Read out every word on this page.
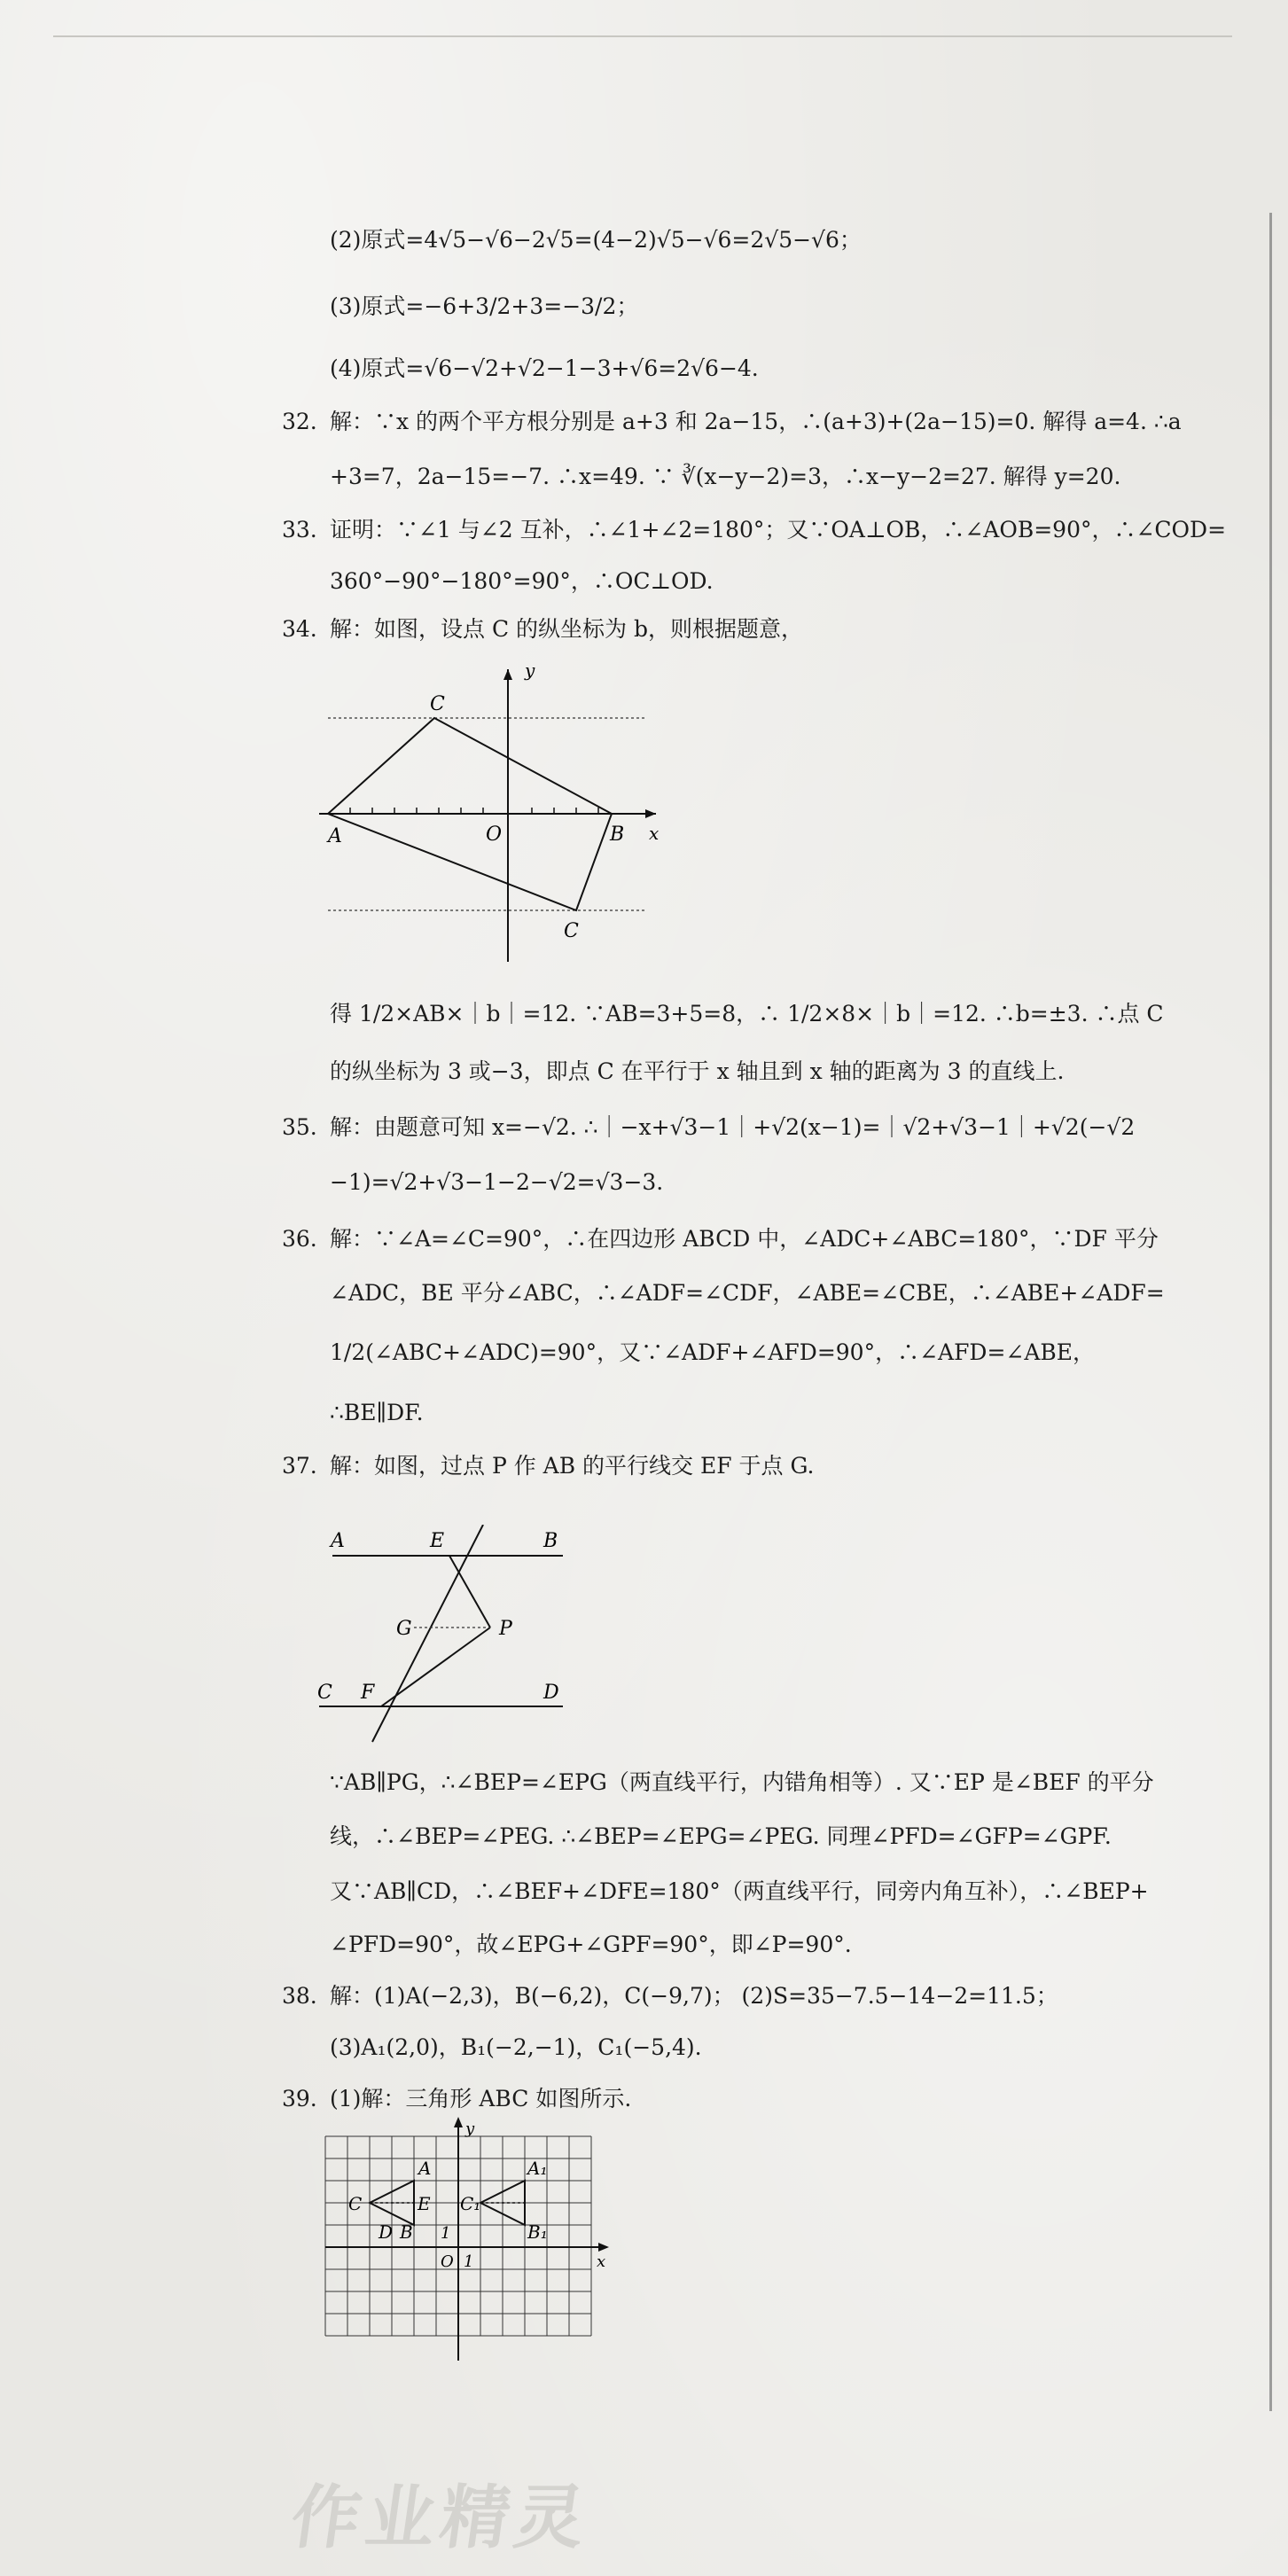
(2)原式=4√5−√6−2√5=(4−2)√5−√6=2√5−√6；
(3)原式=−6+3/2+3=−3/2；
(4)原式=√6−√2+√2−1−3+√6=2√6−4.
32. 解：∵x 的两个平方根分别是 a+3 和 2a−15，∴(a+3)+(2a−15)=0. 解得 a=4. ∴a
+3=7，2a−15=−7. ∴x=49. ∵ ∛(x−y−2)=3，∴x−y−2=27. 解得 y=20.
33. 证明：∵∠1 与∠2 互补，∴∠1+∠2=180°；又∵OA⊥OB，∴∠AOB=90°，∴∠COD=
360°−90°−180°=90°，∴OC⊥OD.
34. 解：如图，设点 C 的纵坐标为 b，则根据题意，
C
A	O	B
C
y
x
得 1/2×AB×｜b｜=12. ∵AB=3+5=8，∴ 1/2×8×｜b｜=12. ∴b=±3. ∴点 C
的纵坐标为 3 或−3，即点 C 在平行于 x 轴且到 x 轴的距离为 3 的直线上.
35. 解：由题意可知 x=−√2. ∴｜−x+√3−1｜+√2(x−1)=｜√2+√3−1｜+√2(−√2
−1)=√2+√3−1−2−√2=√3−3.
36. 解：∵∠A=∠C=90°，∴在四边形 ABCD 中，∠ADC+∠ABC=180°，∵DF 平分
∠ADC，BE 平分∠ABC，∴∠ADF=∠CDF，∠ABE=∠CBE，∴∠ABE+∠ADF=
1/2(∠ABC+∠ADC)=90°，又∵∠ADF+∠AFD=90°，∴∠AFD=∠ABE，
∴BE∥DF.
37. 解：如图，过点 P 作 AB 的平行线交 EF 于点 G.
A	E	B
G	P
C F	D
∵AB∥PG，∴∠BEP=∠EPG（两直线平行，内错角相等）. 又∵EP 是∠BEF 的平分
线，∴∠BEP=∠PEG. ∴∠BEP=∠EPG=∠PEG. 同理∠PFD=∠GFP=∠GPF.
又∵AB∥CD，∴∠BEF+∠DFE=180°（两直线平行，同旁内角互补），∴∠BEP+
∠PFD=90°，故∠EPG+∠GPF=90°，即∠P=90°.
38. 解：(1)A(−2,3)，B(−6,2)，C(−9,7)； (2)S=35−7.5−14−2=11.5；
(3)A₁(2,0)，B₁(−2,−1)，C₁(−5,4).
39. (1)解：三角形 ABC 如图所示.
y
A	A₁
C	E C₁
D B 1	B₁
O 1	x
作业精灵
